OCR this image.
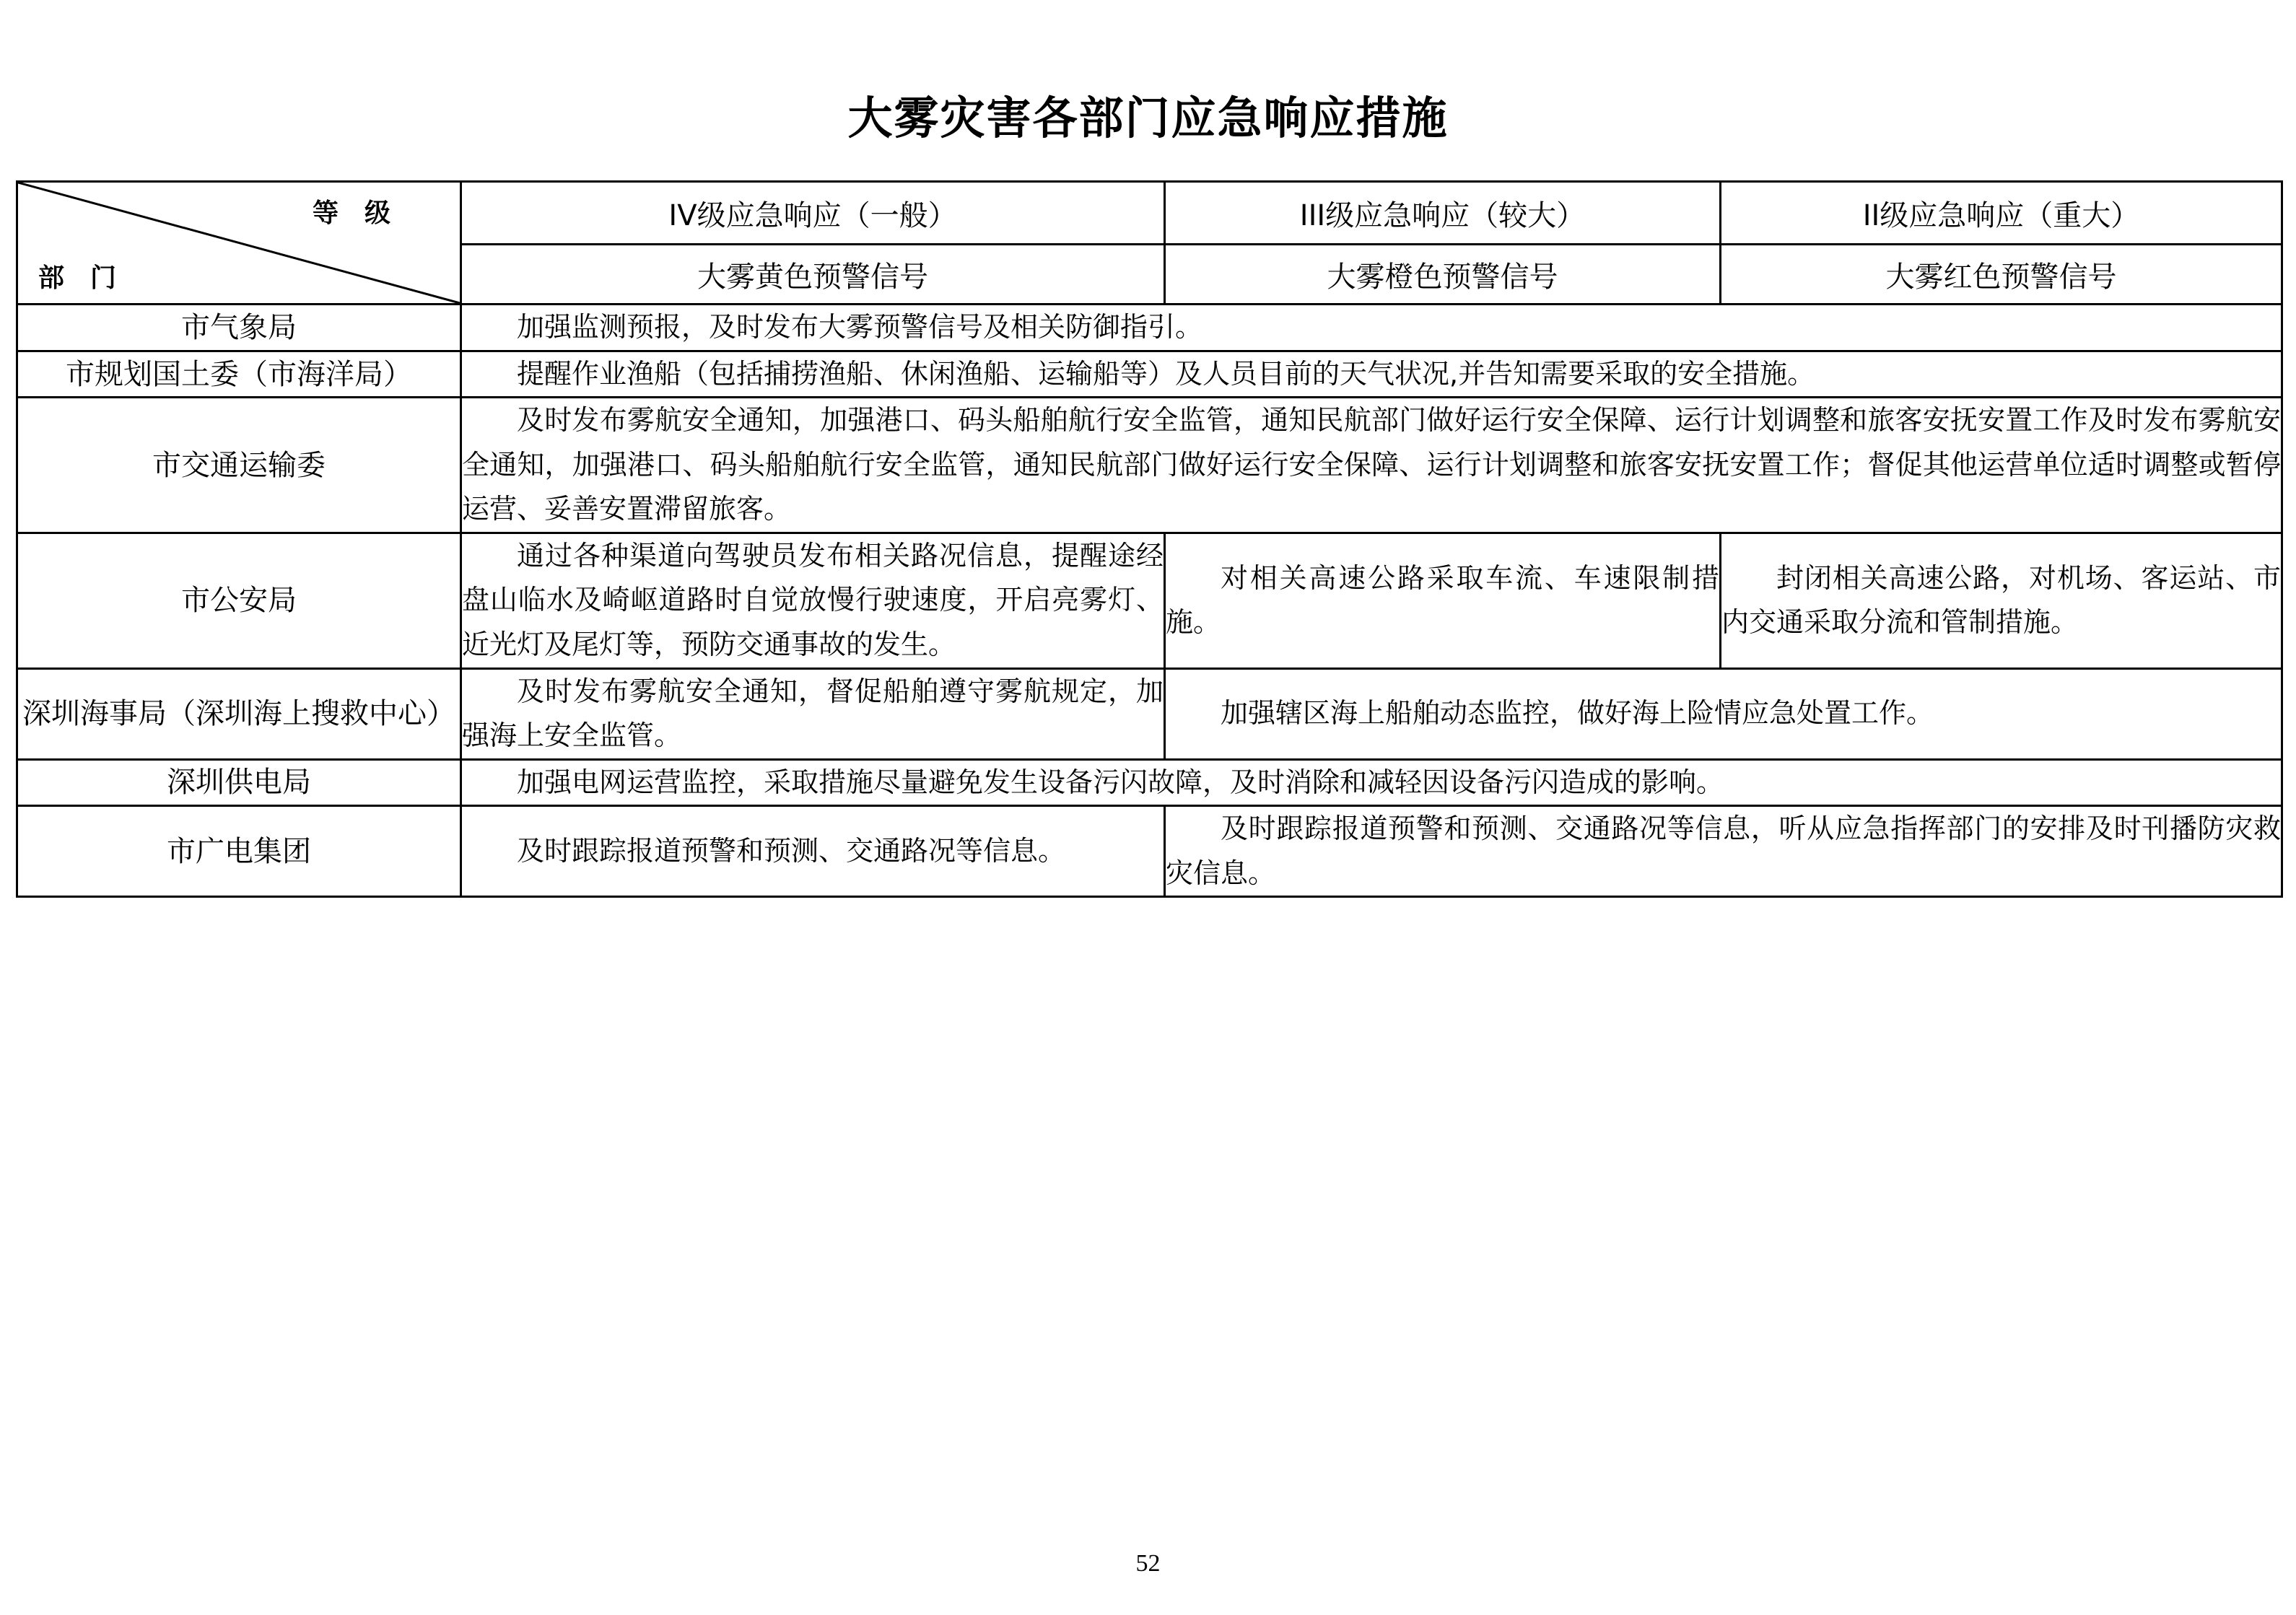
大雾灾害各部门应急响应措施
等级
部门	IV级应急响应（一般）	III级应急响应（较大）	II级应急响应（重大）
	大雾黄色预警信号	大雾橙色预警信号	大雾红色预警信号
市气象局	加强监测预报，及时发布大雾预警信号及相关防御指引。		
市规划国土委（市海洋局）	提醒作业渔船（包括捕捞渔船、休闲渔船、运输船等）及人员目前的天气状况,并告知需要采取的安全措施。		
市交通运输委	及时发布雾航安全通知，加强港口、码头船舶航行安全监管，通知民航部门做好运行安全保障、运行计划调整和旅客安抚安置工作及时发布雾航安全通知，加强港口、码头船舶航行安全监管，通知民航部门做好运行安全保障、运行计划调整和旅客安抚安置工作；督促其他运营单位适时调整或暂停运营、妥善安置滞留旅客。		
市公安局	通过各种渠道向驾驶员发布相关路况信息，提醒途经盘山临水及崎岖道路时自觉放慢行驶速度，开启亮雾灯、近光灯及尾灯等，预防交通事故的发生。	对相关高速公路采取车流、车速限制措施。	封闭相关高速公路，对机场、客运站、市内交通采取分流和管制措施。
深圳海事局（深圳海上搜救中心）	及时发布雾航安全通知，督促船舶遵守雾航规定，加强海上安全监管。	加强辖区海上船舶动态监控，做好海上险情应急处置工作。	
深圳供电局	加强电网运营监控，采取措施尽量避免发生设备污闪故障，及时消除和减轻因设备污闪造成的影响。		
市广电集团	及时跟踪报道预警和预测、交通路况等信息。	及时跟踪报道预警和预测、交通路况等信息，听从应急指挥部门的安排及时刊播防灾救灾信息。	
52
